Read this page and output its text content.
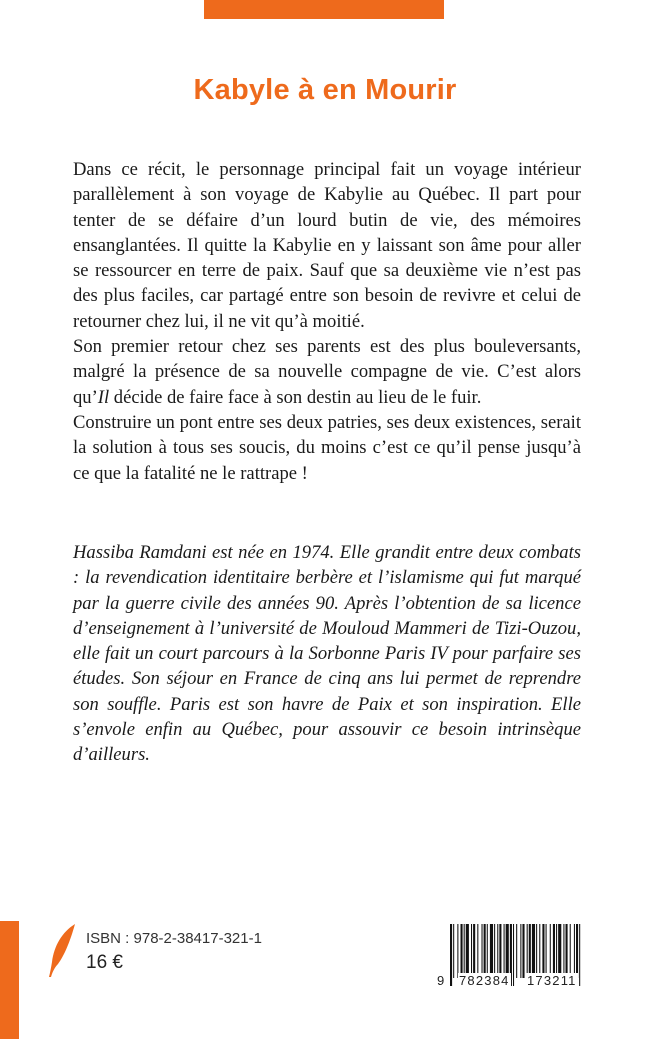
Kabyle à en Mourir

Dans ce récit, le personnage principal fait un voyage intérieur parallèlement à son voyage de Kabylie au Québec. Il part pour tenter de se défaire d’un lourd butin de vie, des mémoires ensanglantées. Il quitte la Kabylie en y laissant son âme pour aller se ressourcer en terre de paix. Sauf que sa deuxième vie n’est pas des plus faciles, car partagé entre son besoin de revivre et celui de retourner chez lui, il ne vit qu’à moitié.

Son premier retour chez ses parents est des plus bouleversants, malgré la présence de sa nouvelle compagne de vie. C’est alors qu’Il décide de faire face à son destin au lieu de le fuir.

Construire un pont entre ses deux patries, ses deux existences, serait la solution à tous ses soucis, du moins c’est ce qu’il pense jusqu’à ce que la fatalité ne le rattrape !

Hassiba Ramdani est née en 1974. Elle grandit entre deux combats : la revendication identitaire berbère et l’islamisme qui fut marqué par la guerre civile des années 90. Après l’obtention de sa licence d’enseignement à l’université de Mouloud Mammeri de Tizi-Ouzou, elle fait un court parcours à la Sorbonne Paris IV pour parfaire ses études. Son séjour en France de cinq ans lui permet de reprendre son souffle. Paris est son havre de Paix et son inspiration. Elle s’envole enfin au Québec, pour assouvir ce besoin intrinsèque d’ailleurs.

ISBN : 978-2-38417-321-1
16 €
9 782384 173211
